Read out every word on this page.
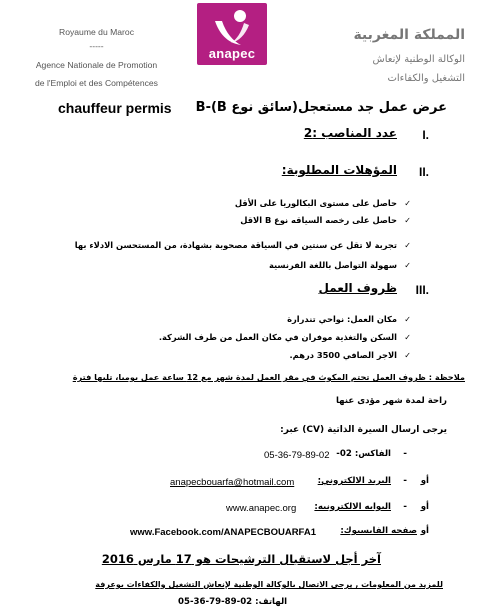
Royaume du Maroc
-----
Agence Nationale de Promotion
de l'Emploi et des Compétences
anapec
المملكة المغربية
الوكالة الوطنية لإنعاش
التشغيل والكفاءات
عرض عمل جد مستعجل(سائق نوع B-(B
chauffeur permis
I.
عدد المناصب :2
II.
المؤهلات المطلوبة:
✓
حاصل على مستوى البكالوريا على الأقل
✓
حاصل على رخصه السياقه نوع B الاقل
✓
تجربة لا تقل عن سنتين في السياقة مصحوبة بشهادة، من المستحسن الادلاء بها
✓
سهولة التواصل باللغة الفرنسية
III.
ظروف العمل
✓
مكان العمل: نواحي تندرارة
✓
السكن والتغذية موفران في مكان العمل من طرف الشركة.
✓
الاجر الصافي 3500 درهم.
ملاحظة : ظروف العمل تحتم المكوث في مقر العمل لمدة شهر مع 12 ساعة عمل يوميا، تليها فترة
راحة لمدة شهر مؤدى عنها
يرجى ارسال السيرة الذاتية (CV) عبر:
-
الفاكس: 02-
05-36-79-89-02
أو
-
البريد الالكتروني:
anapecbouarfa@hotmail.com
أو
-
البوابه الالكترونيه:
www.anapec.org
أو
صفحه الفايسبوك:
www.Facebook.com/ANAPECBOUARFA1
آخر أجل لاستقبال الترشيحات هو 17 مارس 2016
للمزيد من المعلومات , يرجى الاتصال بالوكالة الوطنية لإنعاش التشغيل والكفاءات بوعرفة
الهاتف: 02-89-79-36-05
